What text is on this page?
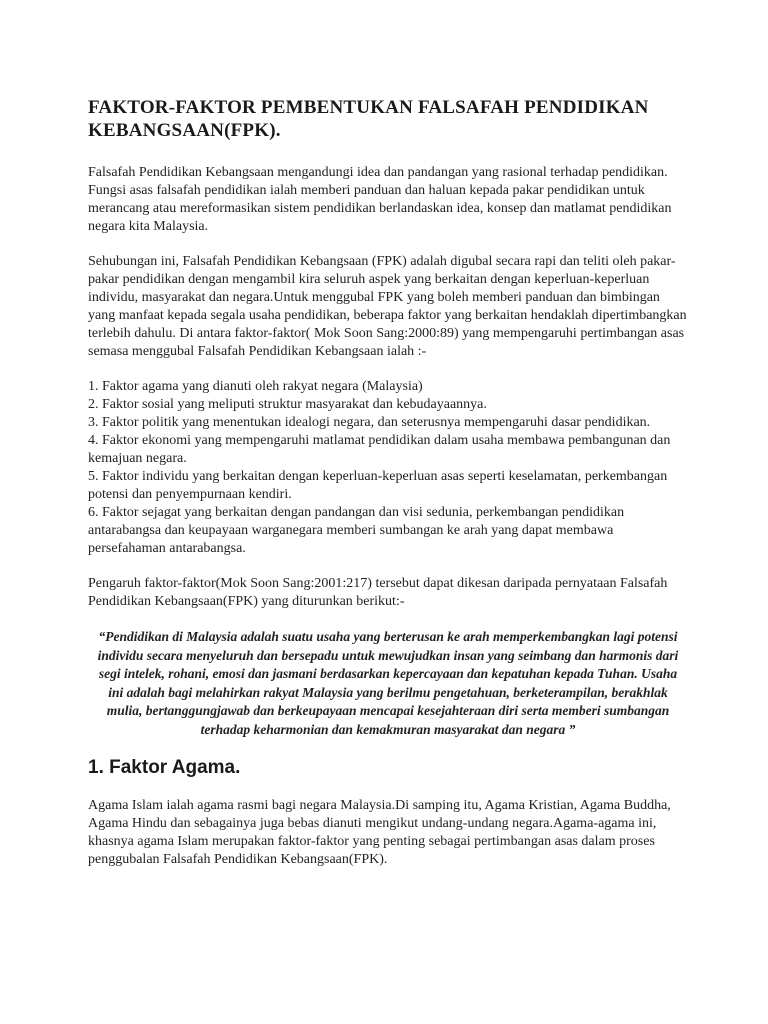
FAKTOR-FAKTOR PEMBENTUKAN FALSAFAH PENDIDIKAN KEBANGSAAN(FPK).

Falsafah Pendidikan Kebangsaan mengandungi idea dan pandangan yang rasional terhadap pendidikan. Fungsi asas falsafah pendidikan ialah memberi panduan dan haluan kepada pakar pendidikan untuk merancang atau mereformasikan sistem pendidikan berlandaskan idea, konsep dan matlamat pendidikan negara kita Malaysia.

Sehubungan ini, Falsafah Pendidikan Kebangsaan (FPK) adalah digubal secara rapi dan teliti oleh pakar-pakar pendidikan dengan mengambil kira seluruh aspek yang berkaitan dengan keperluan-keperluan individu, masyarakat dan negara.Untuk menggubal FPK yang boleh memberi panduan dan bimbingan yang manfaat kepada segala usaha pendidikan, beberapa faktor yang berkaitan hendaklah dipertimbangkan terlebih dahulu. Di antara faktor-faktor( Mok Soon Sang:2000:89) yang mempengaruhi pertimbangan asas semasa menggubal Falsafah Pendidikan Kebangsaan ialah :-

1. Faktor agama yang dianuti oleh rakyat negara (Malaysia)
2. Faktor sosial yang meliputi struktur masyarakat dan kebudayaannya.
3. Faktor politik yang menentukan idealogi negara, dan seterusnya mempengaruhi dasar pendidikan.
4. Faktor ekonomi yang mempengaruhi matlamat pendidikan dalam usaha membawa pembangunan dan kemajuan negara.
5. Faktor individu yang berkaitan dengan keperluan-keperluan asas seperti keselamatan, perkembangan potensi dan penyempurnaan kendiri.
6. Faktor sejagat yang berkaitan dengan pandangan dan visi sedunia, perkembangan pendidikan antarabangsa dan keupayaan warganegara memberi sumbangan ke arah yang dapat membawa persefahaman antarabangsa.

Pengaruh faktor-faktor(Mok Soon Sang:2001:217) tersebut dapat dikesan daripada pernyataan Falsafah Pendidikan Kebangsaan(FPK) yang diturunkan berikut:-

“Pendidikan di Malaysia adalah suatu usaha yang berterusan ke arah memperkembangkan lagi potensi individu secara menyeluruh dan bersepadu untuk mewujudkan insan yang seimbang dan harmonis dari segi intelek, rohani, emosi dan jasmani berdasarkan kepercayaan dan kepatuhan kepada Tuhan. Usaha ini adalah bagi melahirkan rakyat Malaysia yang berilmu pengetahuan, berketerampilan, berakhlak mulia, bertanggungjawab dan berkeupayaan mencapai kesejahteraan diri serta memberi sumbangan terhadap keharmonian dan kemakmuran masyarakat dan negara ”
1. Faktor Agama.

Agama Islam ialah agama rasmi bagi negara Malaysia.Di samping itu, Agama Kristian, Agama Buddha, Agama Hindu dan sebagainya juga bebas dianuti mengikut undang-undang negara.Agama-agama ini, khasnya agama Islam merupakan faktor-faktor yang penting sebagai pertimbangan asas dalam proses penggubalan Falsafah Pendidikan Kebangsaan(FPK).
